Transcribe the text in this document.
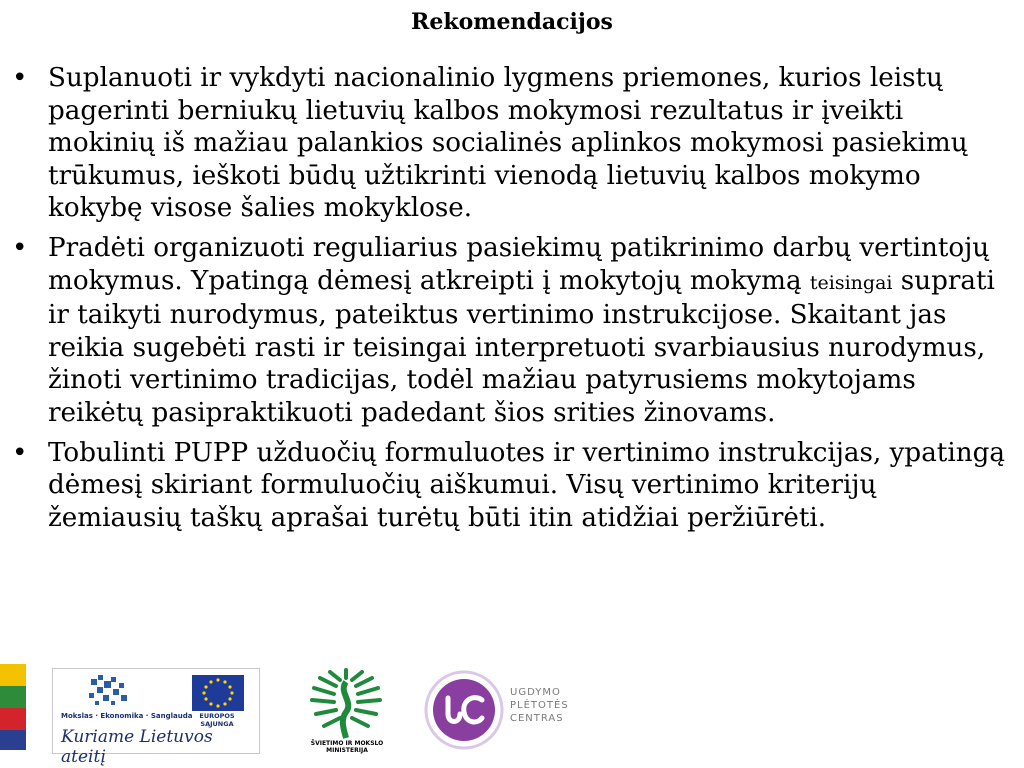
Rekomendacijos
• Suplanuoti ir vykdyti nacionalinio lygmens priemones, kurios leistų pagerinti berniukų lietuvių kalbos mokymosi rezultatus ir įveikti mokinių iš mažiau palankios socialinės aplinkos mokymosi pasiekimų trūkumus, ieškoti būdų užtikrinti vienodą lietuvių kalbos mokymo kokybę visose šalies mokyklose.
• Pradėti organizuoti reguliarius pasiekimų patikrinimo darbų vertintojų mokymus. Ypatingą dėmesį atkreipti į mokytojų mokymą teisingai suprati ir taikyti nurodymus, pateiktus vertinimo instrukcijose. Skaitant jas reikia sugebėti rasti ir teisingai interpretuoti svarbiausius nurodymus, žinoti vertinimo tradicijas, todėl mažiau patyrusiems mokytojams reikėtų pasipraktikuoti padedant šios srities žinovams.
• Tobulinti PUPP užduočių formuluotes ir vertinimo instrukcijas, ypatingą dėmesį skiriant formuluočių aiškumui. Visų vertinimo kriterijų žemiausių taškų aprašai turėtų būti itin atidžiai peržiūrėti.
Mokslas · Ekonomika · Sanglauda	EUROPOS SĄJUNGA
Kuriame Lietuvos ateitį
ŠVIETIMO IR MOKSLO MINISTERIJA
UGDYMO
PLĖTOTĖS
CENTRAS
